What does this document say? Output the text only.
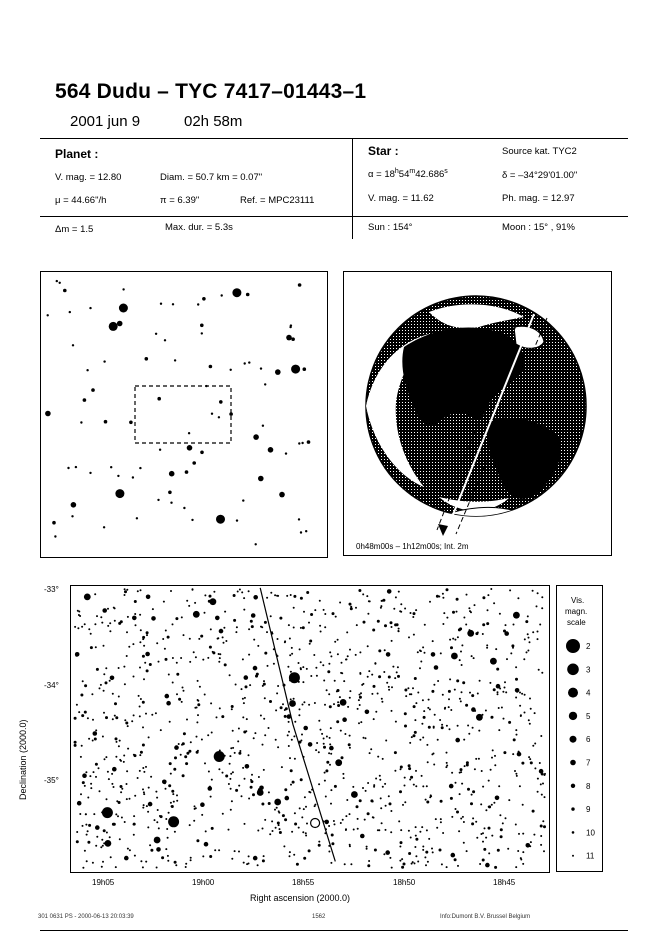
564 Dudu – TYC 7417–01443–1
2001 jun 9	02h 58m
Planet :
V. mag. = 12.80	Diam. = 50.7 km = 0.07"
μ = 44.66"/h	π = 6.39"	Ref. = MPC23111
Δm = 1.5	Max. dur. = 5.3s
Star :	Source kat. TYC2
$\alpha = 18^h54^m42.686^s$	δ = –34°29'01.00"
V. mag. = 11.62	Ph. mag. = 12.97
Sun : 154°	Moon : 15° , 91%
0h48m00s – 1h12m00s; Int. 2m
-33°
-34°
-35°
Declination (2000.0)
19h05	19h00	18h55	18h50	18h45
Right ascension (2000.0)
Vis.
magn.
scale
2
3
4
5
6
7
8
9
10
11
301 0631 PS - 2000-06-13 20:03:39	1562	Info:Dumont B.V. Brussel Belgium
